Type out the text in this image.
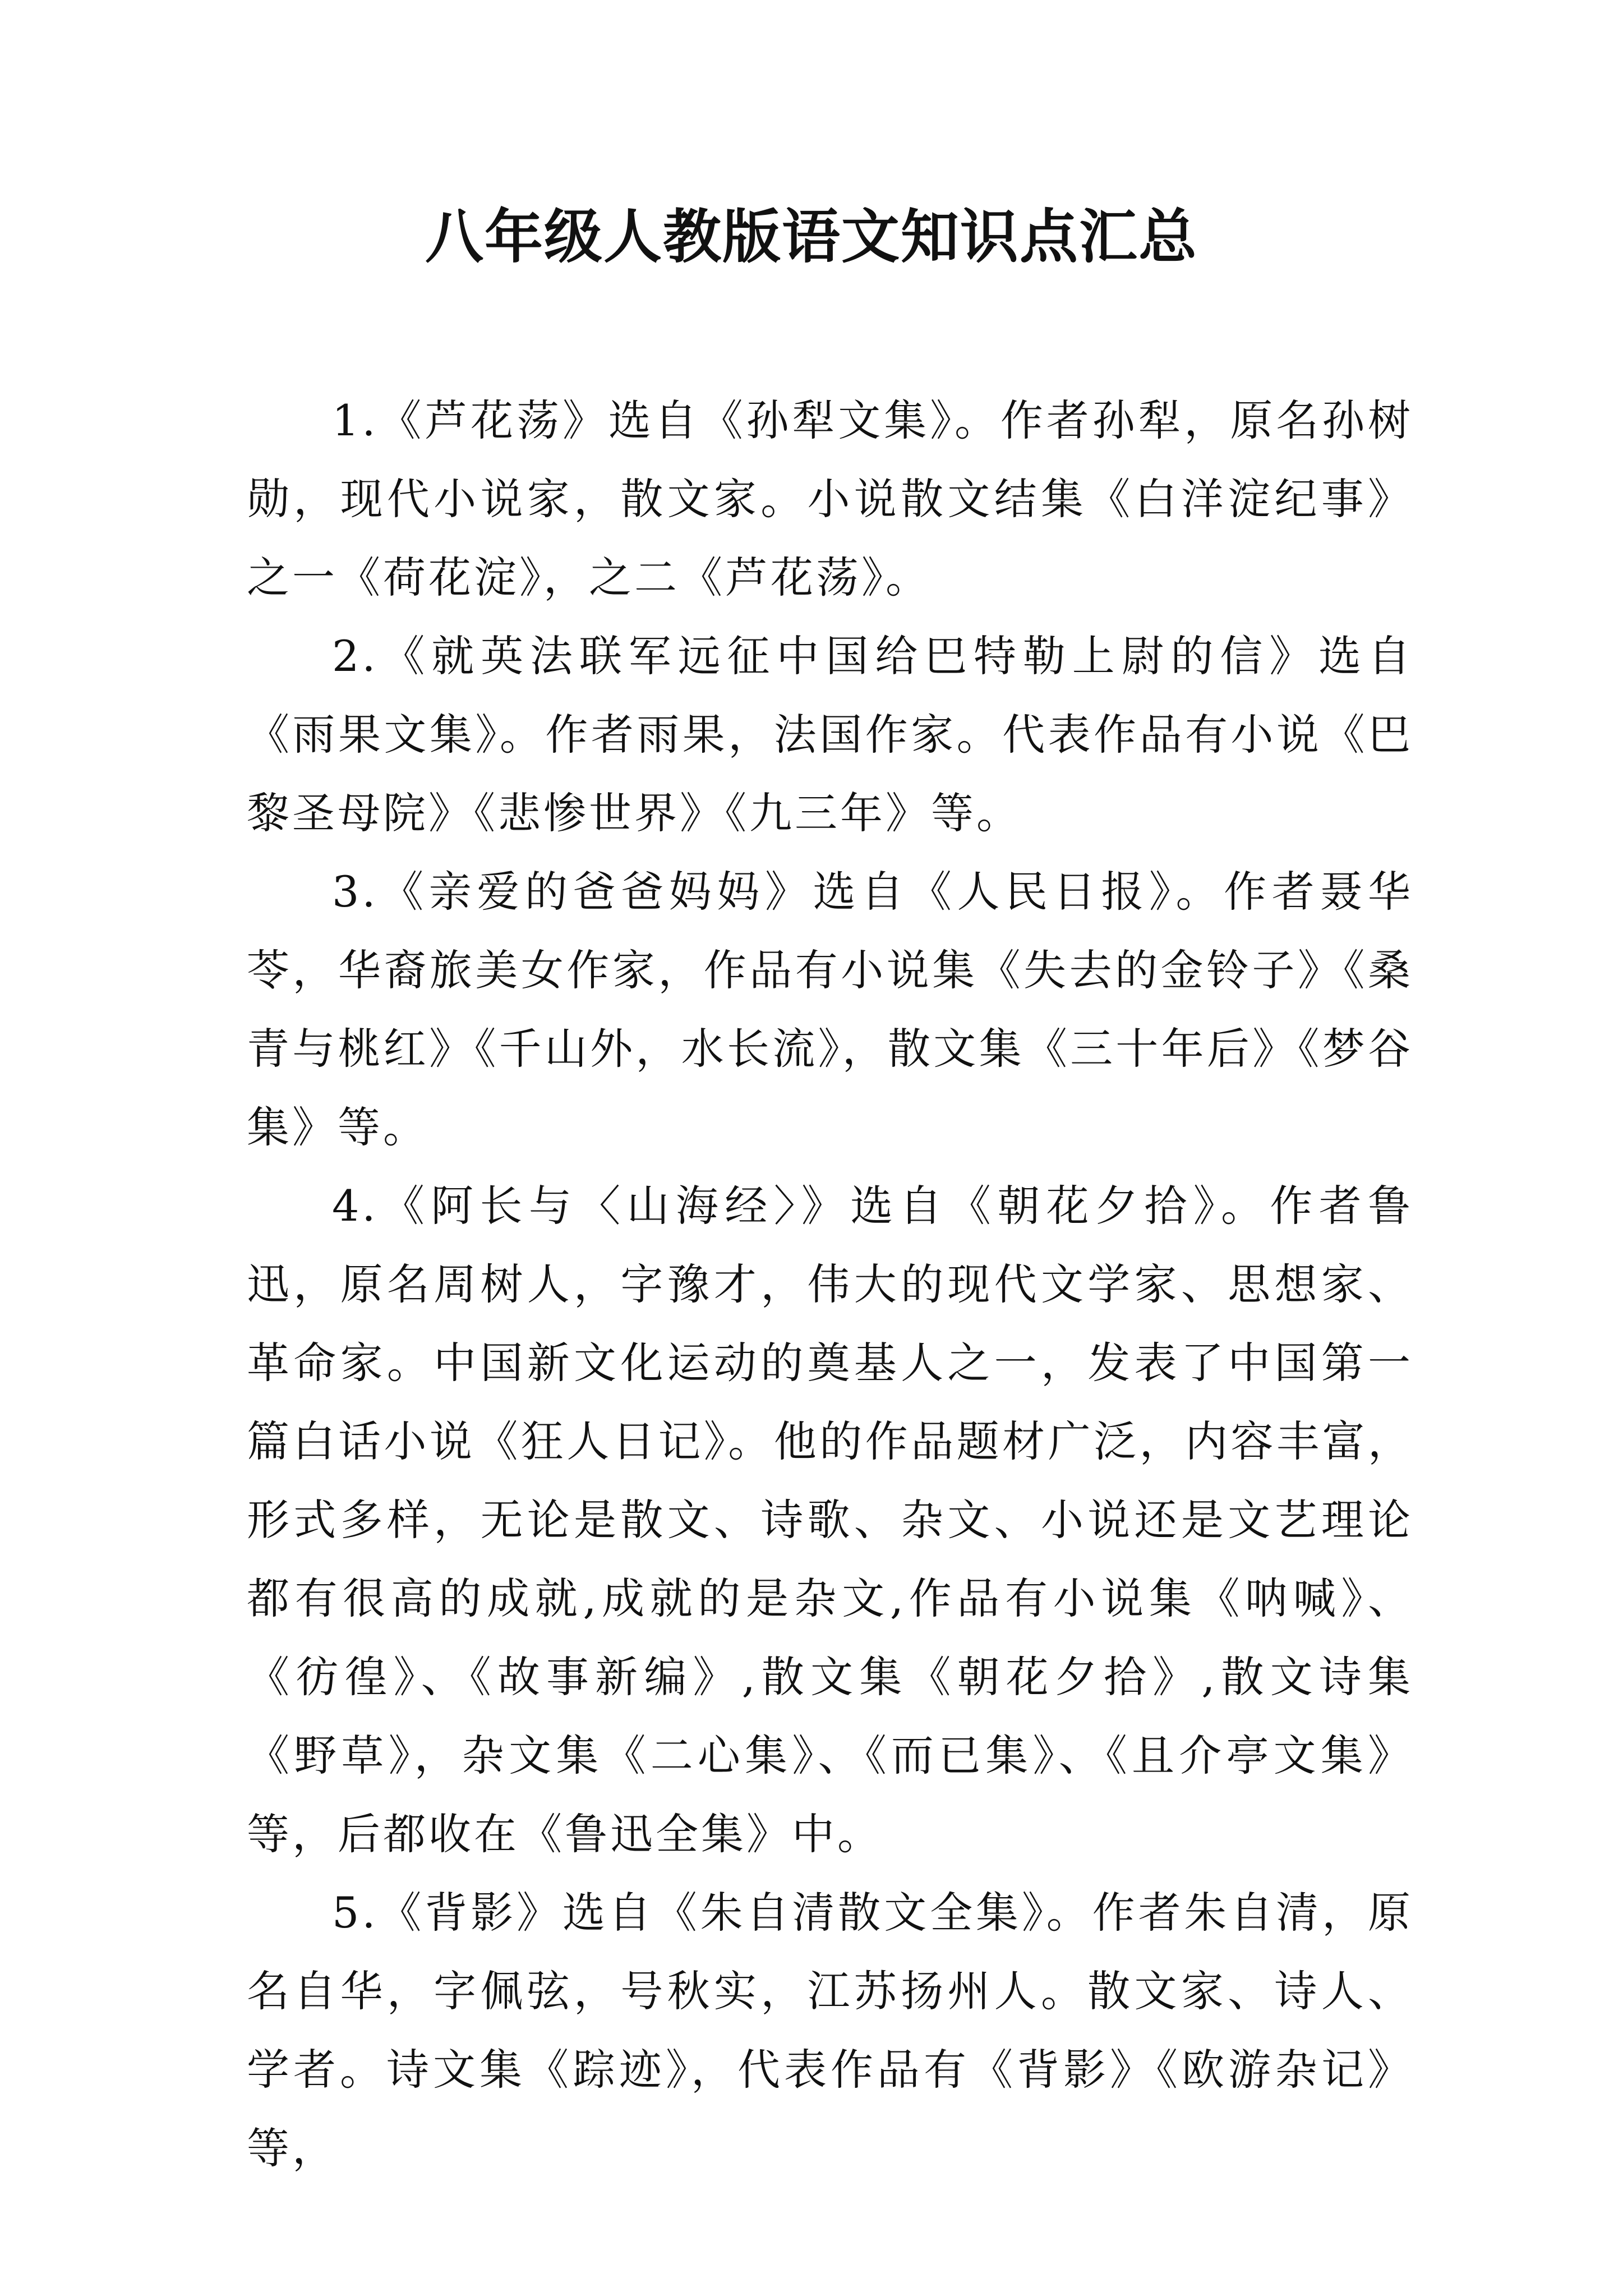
八年级人教版语文知识点汇总

1.《芦花荡》选自《孙犁文集》。作者孙犁，原名孙树勋，现代小说家，散文家。小说散文结集《白洋淀纪事》之一《荷花淀》，之二《芦花荡》。

2.《就英法联军远征中国给巴特勒上尉的信》选自《雨果文集》。作者雨果，法国作家。代表作品有小说《巴黎圣母院》《悲惨世界》《九三年》等。

3.《亲爱的爸爸妈妈》选自《人民日报》。作者聂华苓，华裔旅美女作家，作品有小说集《失去的金铃子》《桑青与桃红》《千山外，水长流》，散文集《三十年后》《梦谷集》等。

4.《阿长与〈山海经〉》选自《朝花夕拾》。作者鲁迅，原名周树人，字豫才，伟大的现代文学家、思想家、革命家。中国新文化运动的奠基人之一，发表了中国第一篇白话小说《狂人日记》。他的作品题材广泛，内容丰富，形式多样，无论是散文、诗歌、杂文、小说还是文艺理论都有很高的成就,成就的是杂文,作品有小说集《呐喊》、《彷徨》、《故事新编》,散文集《朝花夕拾》,散文诗集《野草》，杂文集《二心集》、《而已集》、《且介亭文集》等，后都收在《鲁迅全集》中。

5.《背影》选自《朱自清散文全集》。作者朱自清，原名自华，字佩弦，号秋实，江苏扬州人。散文家、诗人、学者。诗文集《踪迹》，代表作品有《背影》《欧游杂记》等，
